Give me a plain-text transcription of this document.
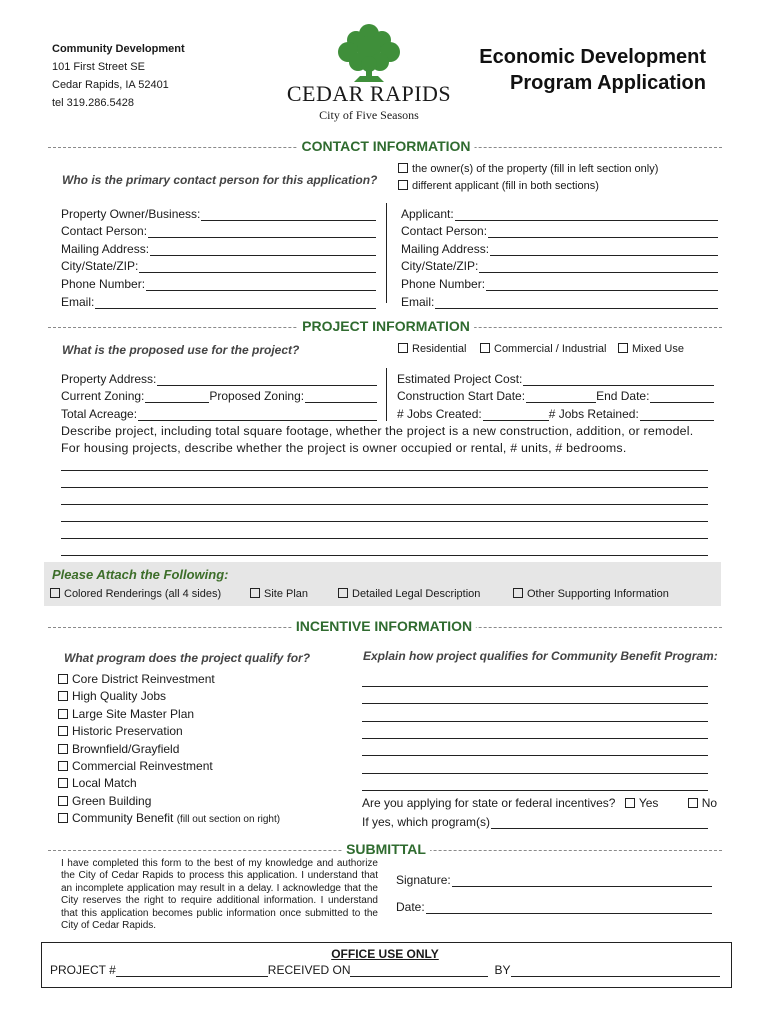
Community Development
101 First Street SE
Cedar Rapids, IA 52401
tel 319.286.5428	CEDAR RAPIDS
City of Five Seasons
Economic Development
Program Application
CONTACT INFORMATION
Who is the primary contact person for this application?
the owner(s) of the property (fill in left section only)
different applicant (fill in both sections)
Property Owner/Business:
Contact Person:
Mailing Address:
City/State/ZIP:
Phone Number:
Email:
Applicant:
Contact Person:
Mailing Address:
City/State/ZIP:
Phone Number:
Email:
PROJECT INFORMATION
What is the proposed use for the project?	Residential	Commercial / Industrial	Mixed Use
Property Address:
Current Zoning:	Proposed Zoning:
Total Acreage:
Estimated Project Cost:
Construction Start Date:	End Date:
# Jobs Created:	# Jobs Retained:
Describe project, including total square footage, whether the project is a new construction, addition, or remodel.
For housing projects, describe whether the project is owner occupied or rental, # units, # bedrooms.
Please Attach the Following:
Colored Renderings (all 4 sides)	Site Plan	Detailed Legal Description	Other Supporting Information
INCENTIVE INFORMATION
What program does the project qualify for?	Explain how project qualifies for Community Benefit Program:
Core District Reinvestment
High Quality Jobs
Large Site Master Plan
Historic Preservation
Brownfield/Grayfield
Commercial Reinvestment
Local Match
Green Building
Community Benefit (fill out section on right)
Are you applying for state or federal incentives? Yes	No
If yes, which program(s)
SUBMITTAL
I have completed this form to the best of my knowledge and authorize the City of Cedar Rapids to process this application. I understand that an incomplete application may result in a delay. I acknowledge that the City reserves the right to require additional information. I understand that this application becomes public information once submitted to the City of Cedar Rapids.
Signature:
Date:
OFFICE USE ONLY
PROJECT #	RECEIVED ON	BY
